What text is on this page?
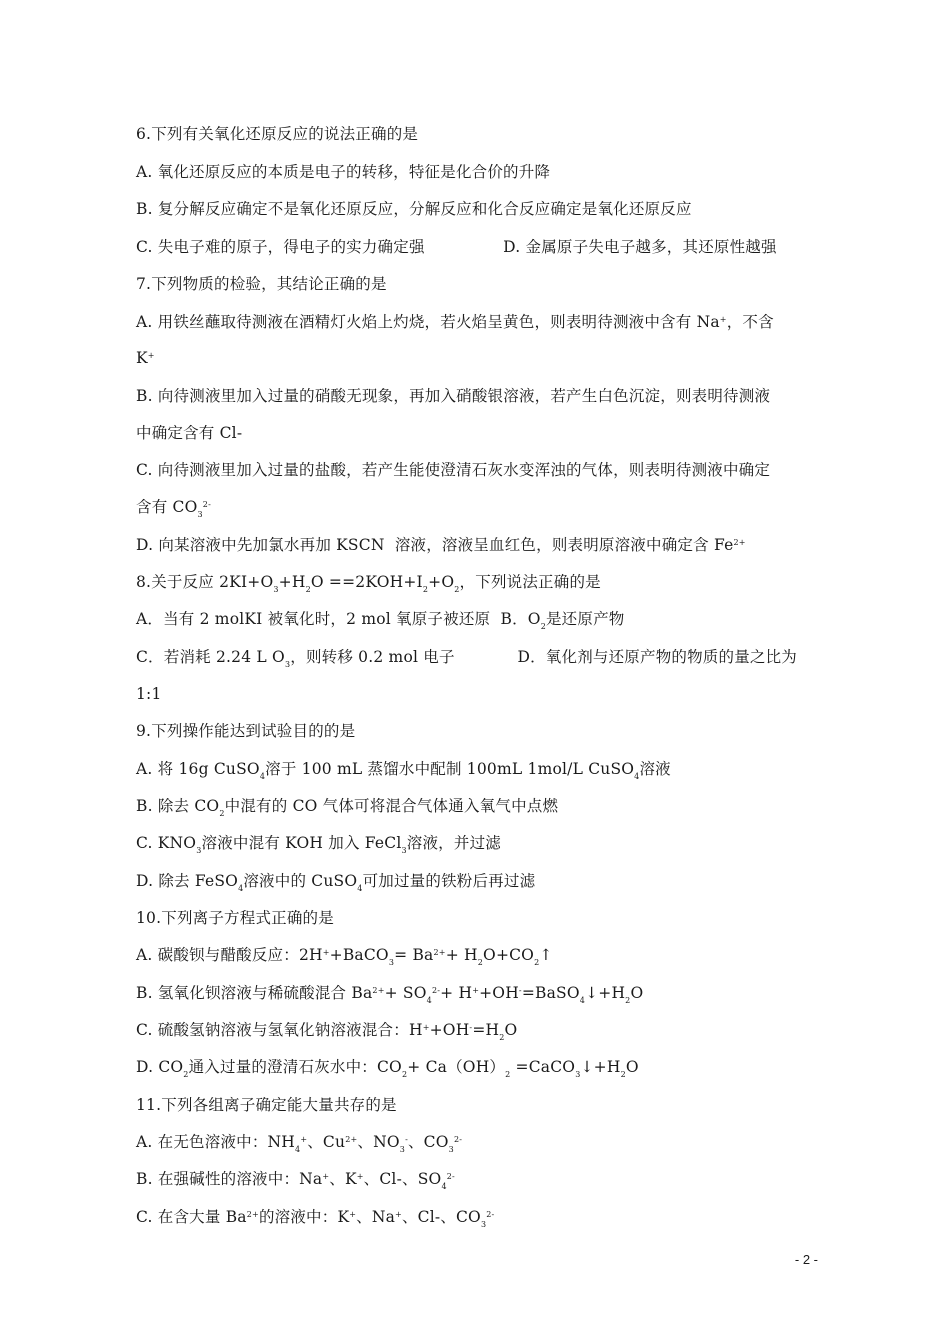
6.下列有关氧化还原反应的说法正确的是
A. 氧化还原反应的本质是电子的转移，特征是化合价的升降
B. 复分解反应确定不是氧化还原反应，分解反应和化合反应确定是氧化还原反应
C. 失电子难的原子，得电子的实力确定强　　　　　D. 金属原子失电子越多，其还原性越强
7.下列物质的检验，其结论正确的是
A. 用铁丝蘸取待测液在酒精灯火焰上灼烧，若火焰呈黄色，则表明待测液中含有 Na+，不含
K+
B. 向待测液里加入过量的硝酸无现象，再加入硝酸银溶液，若产生白色沉淀，则表明待测液
中确定含有 Cl-
C. 向待测液里加入过量的盐酸，若产生能使澄清石灰水变浑浊的气体，则表明待测液中确定
含有 $CO_3^{2-}$
D. 向某溶液中先加氯水再加 KSCN  溶液，溶液呈血红色，则表明原溶液中确定含 $Fe^{2+}$
8.关于反应 $2KI+O_3+H_2O ==2KOH+I_2+O_2$，下列说法正确的是
A．当有 2 molKI 被氧化时，2 mol 氧原子被还原  B．$O_2$是还原产物
C．若消耗 2.24 L $O_3$，则转移 0.2 mol 电子　　　　D．氧化剂与还原产物的物质的量之比为
1:1
9.下列操作能达到试验目的的是
A. 将 16g CuSO$_4$溶于 100 mL 蒸馏水中配制 100mL 1mol/L CuSO$_4$溶液
B. 除去 $CO_2$中混有的 CO 气体可将混合气体通入氧气中点燃
C. $KNO_3$溶液中混有 KOH 加入 FeCl$_3$溶液，并过滤
D. 除去 FeSO$_4$溶液中的 CuSO$_4$可加过量的铁粉后再过滤
10.下列离子方程式正确的是
A. 碳酸钡与醋酸反应：2H++BaCO$_3$= $Ba^{2+}+$ $H_2O+CO_2↑$
B. 氢氧化钡溶液与稀硫酸混合 $Ba^{2+}+ SO_4^{2-}+$ $H^++OH^-=BaSO_4↓+H_2O$
C. 硫酸氢钠溶液与氢氧化钠溶液混合：$H^++OH^-=H_2O$
D. $CO_2$通入过量的澄清石灰水中：$CO_2+ Ca(OH)_2$ $=CaCO_3↓+H_2O$
11.下列各组离子确定能大量共存的是
A. 在无色溶液中：$NH_4^+$、$Cu^{2+}$、$NO_3^-$、$CO_3^{2-}$
B. 在强碱性的溶液中：Na+、K+、Cl-、$SO_4^{2-}$
C. 在含大量 $Ba^{2+}$的溶液中：K+、Na+、Cl-、$CO_3^{2-}$
- 2 -
